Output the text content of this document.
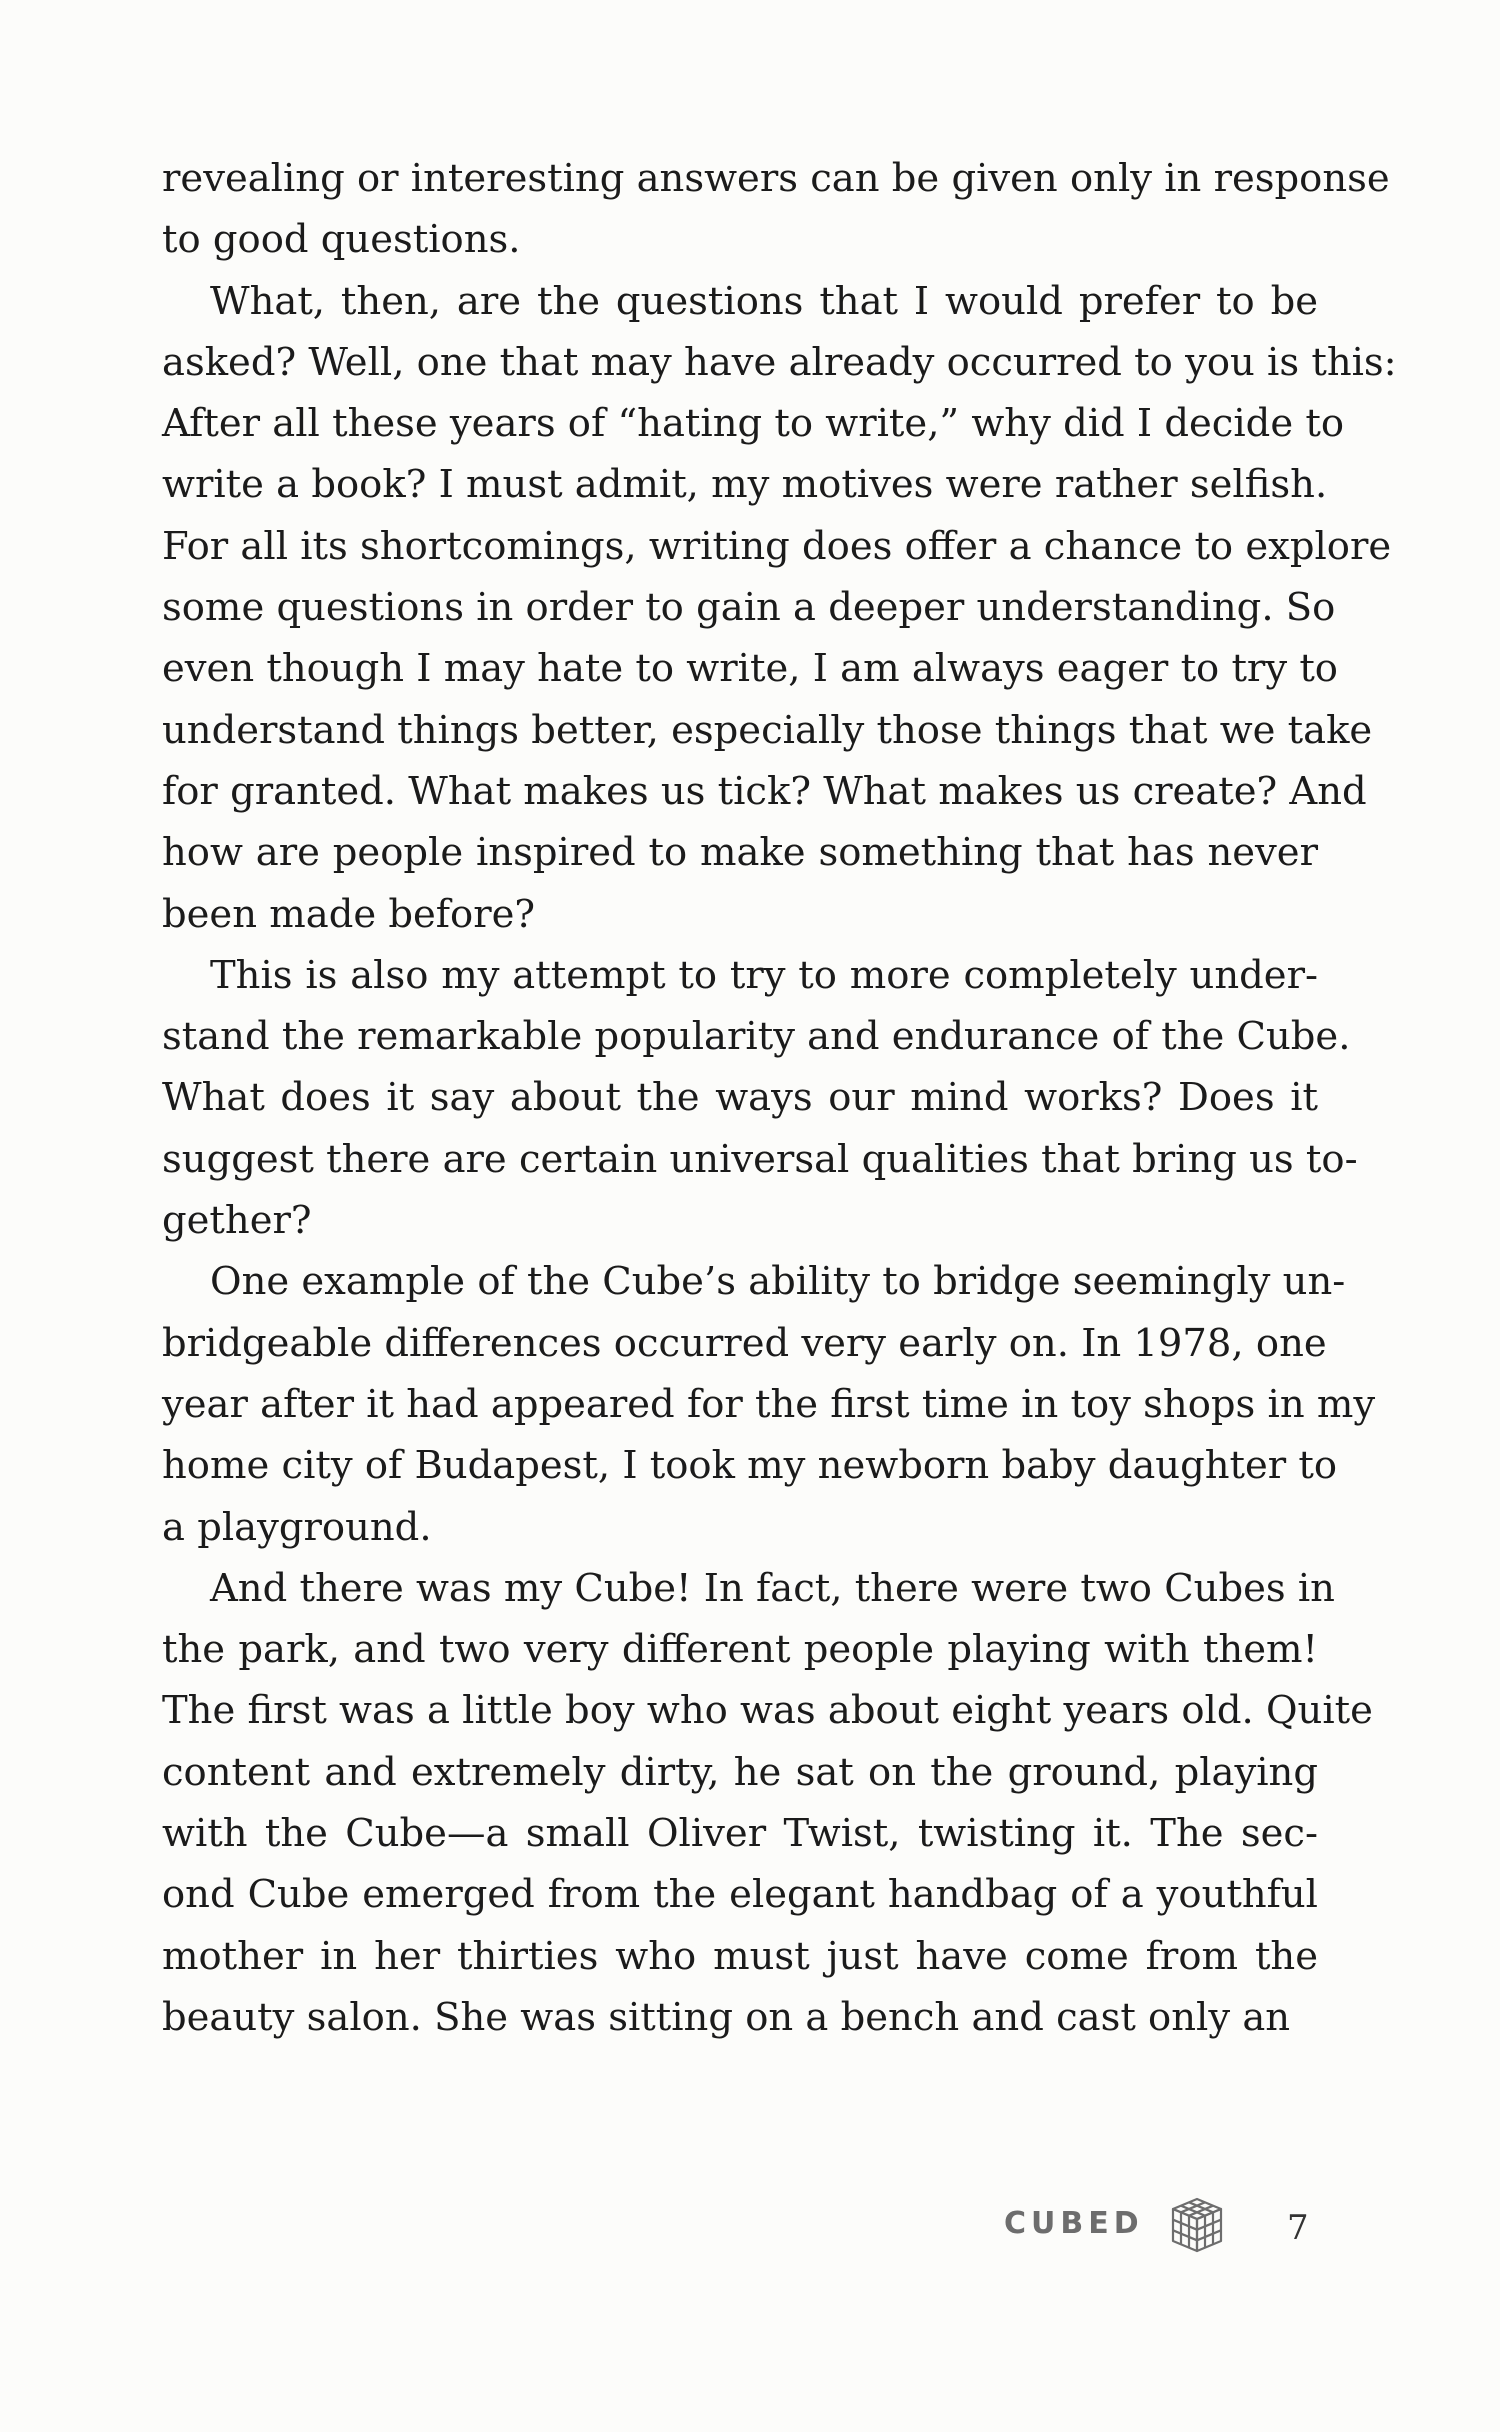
revealing or interesting answers can be given only in response
to good questions.

What, then, are the questions that I would prefer to be
asked? Well, one that may have already occurred to you is this:
After all these years of “hating to write,” why did I decide to
write a book? I must admit, my motives were rather selfish.
For all its shortcomings, writing does offer a chance to explore
some questions in order to gain a deeper understanding. So
even though I may hate to write, I am always eager to try to
understand things better, especially those things that we take
for granted. What makes us tick? What makes us create? And
how are people inspired to make something that has never
been made before?

This is also my attempt to try to more completely under-
stand the remarkable popularity and endurance of the Cube.
What does it say about the ways our mind works? Does it
suggest there are certain universal qualities that bring us to-
gether?

One example of the Cube’s ability to bridge seemingly un-
bridgeable differences occurred very early on. In 1978, one
year after it had appeared for the first time in toy shops in my
home city of Budapest, I took my newborn baby daughter to
a playground.

And there was my Cube! In fact, there were two Cubes in
the park, and two very different people playing with them!
The first was a little boy who was about eight years old. Quite
content and extremely dirty, he sat on the ground, playing
with the Cube—a small Oliver Twist, twisting it. The sec-
ond Cube emerged from the elegant handbag of a youthful
mother in her thirties who must just have come from the
beauty salon. She was sitting on a bench and cast only an

CUBED	7
